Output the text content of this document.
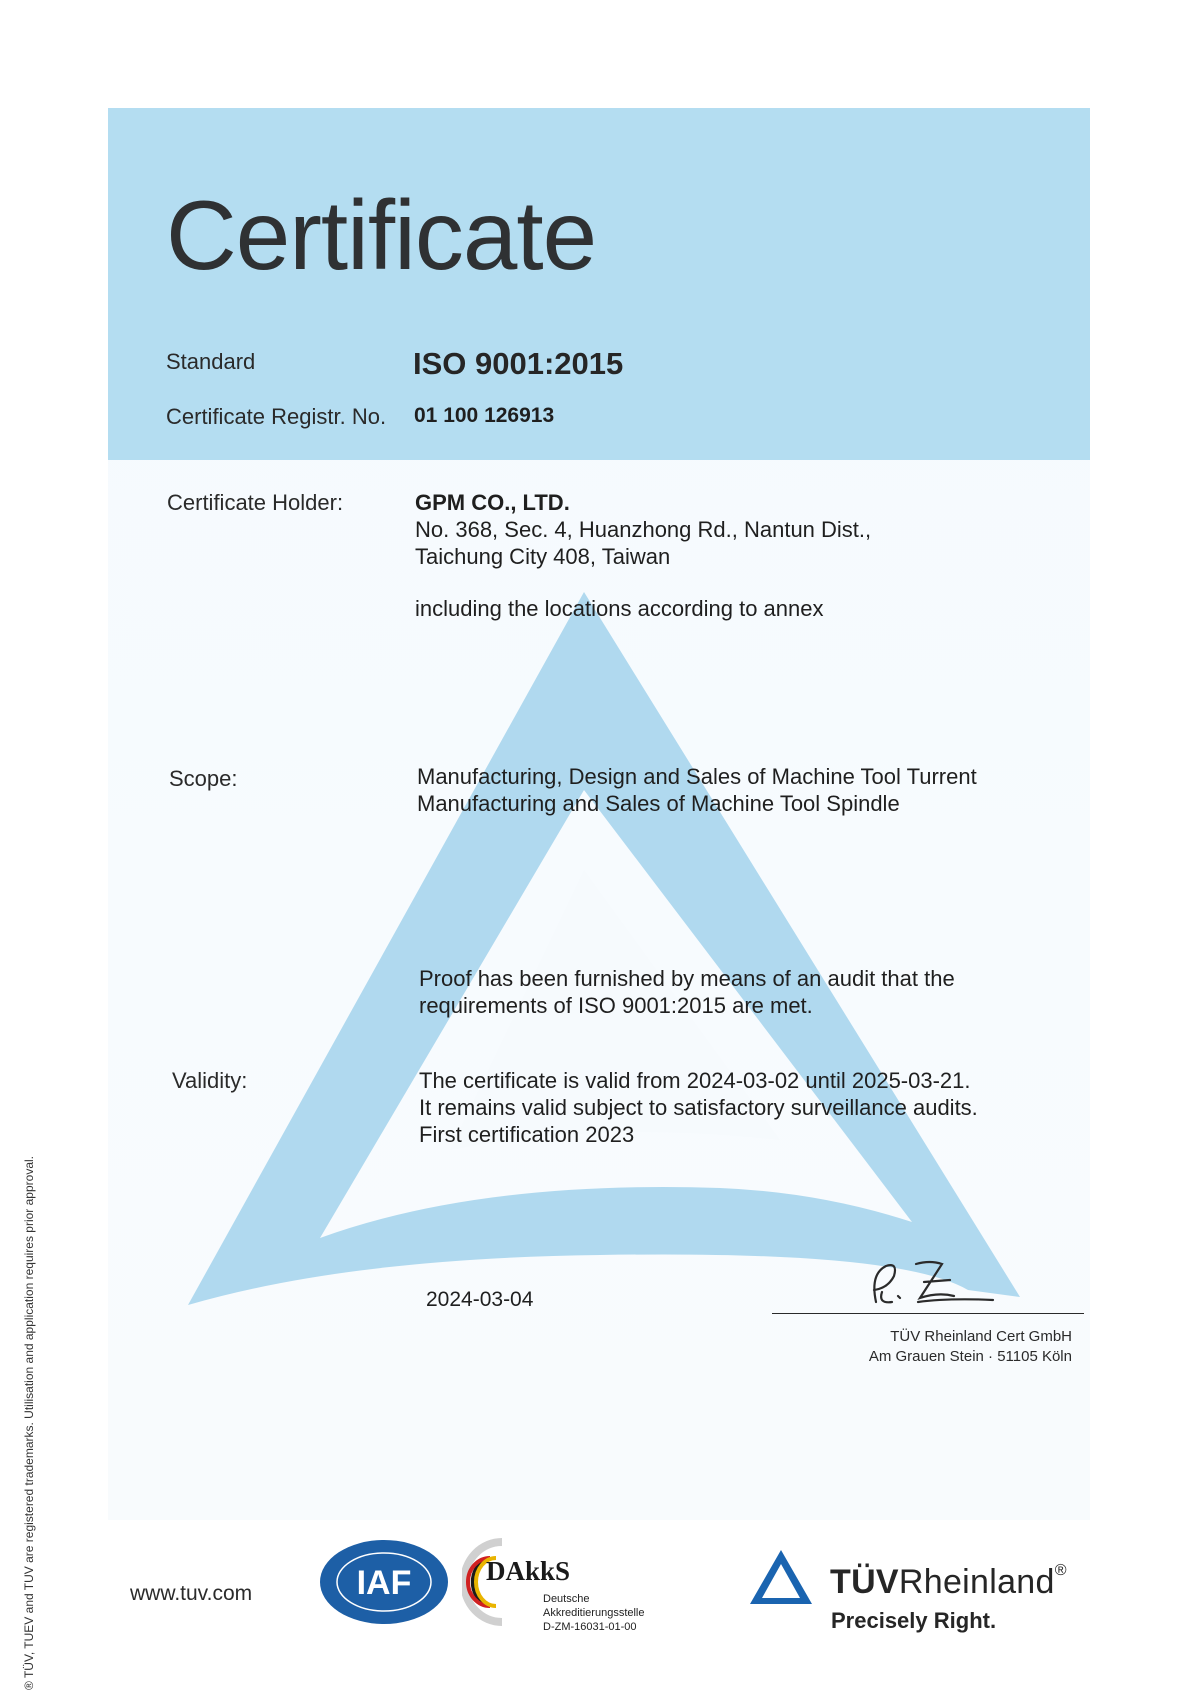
Certificate
Standard	ISO 9001:2015
Certificate Registr. No. 01 100 126913
Certificate Holder:	GPM CO., LTD.
No. 368, Sec. 4, Huanzhong Rd., Nantun Dist.,
Taichung City 408, Taiwan
including the locations according to annex
Scope:	Manufacturing, Design and Sales of Machine Tool Turrent
Manufacturing and Sales of Machine Tool Spindle
Proof has been furnished by means of an audit that the
requirements of ISO 9001:2015 are met.
Validity:	The certificate is valid from 2024-03-02 until 2025-03-21.
It remains valid subject to satisfactory surveillance audits.
First certification 2023
2024-03-04
TÜV Rheinland Cert GmbH
Am Grauen Stein · 51105 Köln
® TÜV, TUEV and TUV are registered trademarks. Utilisation and application requires prior approval.	www.tuv.com	IAF	DAkkS
Deutsche
Akkreditierungsstelle
D-ZM-16031-01-00
TÜVRheinland®
Precisely Right.
